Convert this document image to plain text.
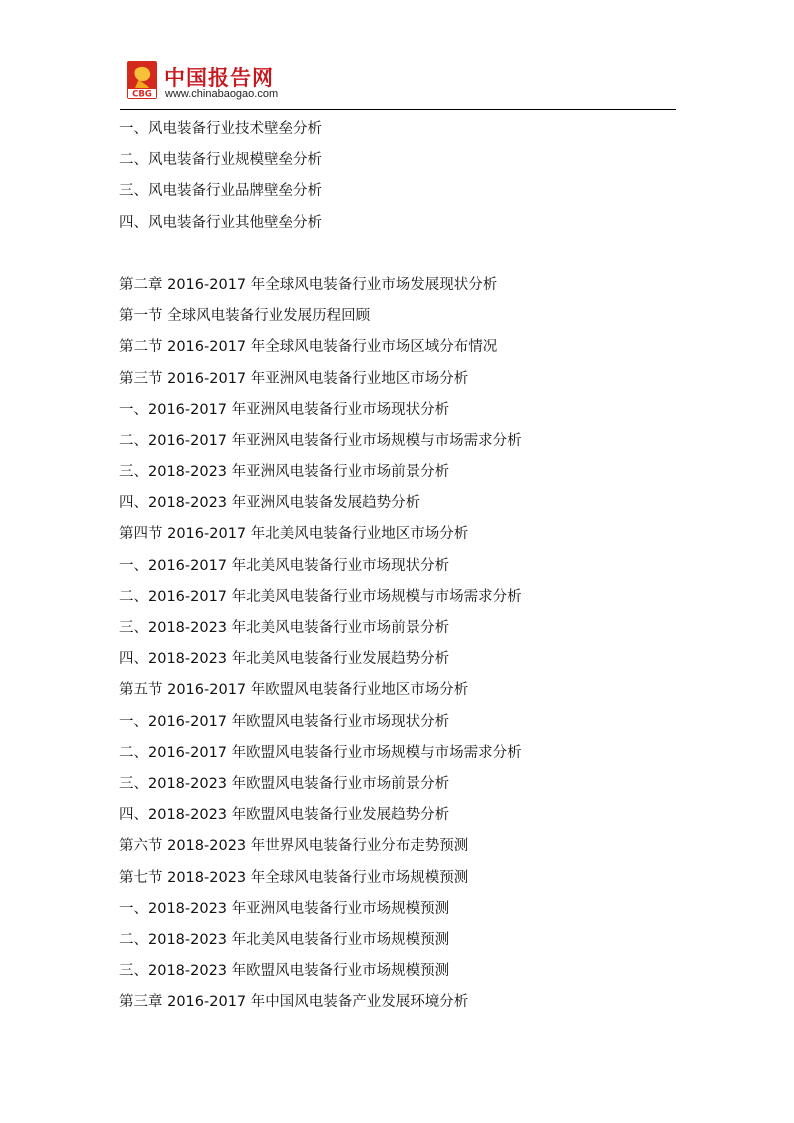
CBG
中国报告网
www.chinabaogao.com
一、风电装备行业技术壁垒分析
二、风电装备行业规模壁垒分析
三、风电装备行业品牌壁垒分析
四、风电装备行业其他壁垒分析
第二章 2016-2017 年全球风电装备行业市场发展现状分析
第一节 全球风电装备行业发展历程回顾
第二节 2016-2017 年全球风电装备行业市场区域分布情况
第三节 2016-2017 年亚洲风电装备行业地区市场分析
一、2016-2017 年亚洲风电装备行业市场现状分析
二、2016-2017 年亚洲风电装备行业市场规模与市场需求分析
三、2018-2023 年亚洲风电装备行业市场前景分析
四、2018-2023 年亚洲风电装备发展趋势分析
第四节 2016-2017 年北美风电装备行业地区市场分析
一、2016-2017 年北美风电装备行业市场现状分析
二、2016-2017 年北美风电装备行业市场规模与市场需求分析
三、2018-2023 年北美风电装备行业市场前景分析
四、2018-2023 年北美风电装备行业发展趋势分析
第五节 2016-2017 年欧盟风电装备行业地区市场分析
一、2016-2017 年欧盟风电装备行业市场现状分析
二、2016-2017 年欧盟风电装备行业市场规模与市场需求分析
三、2018-2023 年欧盟风电装备行业市场前景分析
四、2018-2023 年欧盟风电装备行业发展趋势分析
第六节 2018-2023 年世界风电装备行业分布走势预测
第七节 2018-2023 年全球风电装备行业市场规模预测
一、2018-2023 年亚洲风电装备行业市场规模预测
二、2018-2023 年北美风电装备行业市场规模预测
三、2018-2023 年欧盟风电装备行业市场规模预测
第三章 2016-2017 年中国风电装备产业发展环境分析
